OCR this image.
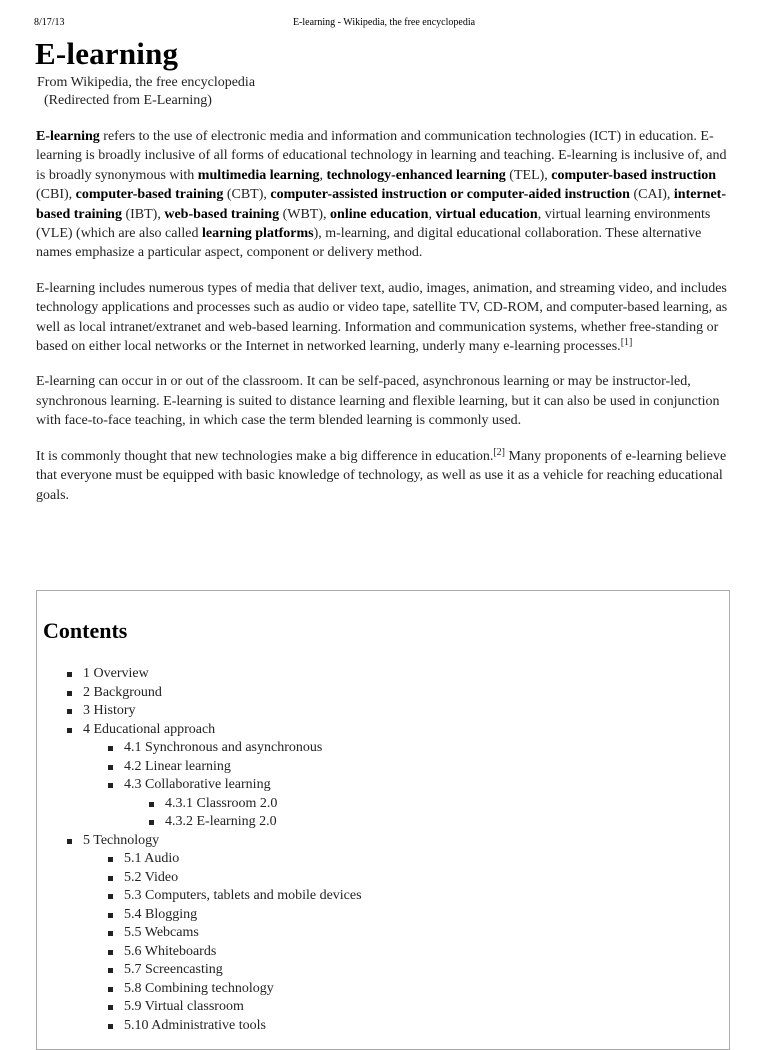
8/17/13	E-learning - Wikipedia, the free encyclopedia
E-learning
From Wikipedia, the free encyclopedia
(Redirected from E-Learning)

E-learning refers to the use of electronic media and information and communication technologies (ICT) in education. E-learning is broadly inclusive of all forms of educational technology in learning and teaching. E-learning is inclusive of, and is broadly synonymous with multimedia learning, technology-enhanced learning (TEL), computer-based instruction (CBI), computer-based training (CBT), computer-assisted instruction or computer-aided instruction (CAI), internet-based training (IBT), web-based training (WBT), online education, virtual education, virtual learning environments (VLE) (which are also called learning platforms), m-learning, and digital educational collaboration. These alternative names emphasize a particular aspect, component or delivery method.

E-learning includes numerous types of media that deliver text, audio, images, animation, and streaming video, and includes technology applications and processes such as audio or video tape, satellite TV, CD-ROM, and computer-based learning, as well as local intranet/extranet and web-based learning. Information and communication systems, whether free-standing or based on either local networks or the Internet in networked learning, underly many e-learning processes.[1]

E-learning can occur in or out of the classroom. It can be self-paced, asynchronous learning or may be instructor-led, synchronous learning. E-learning is suited to distance learning and flexible learning, but it can also be used in conjunction with face-to-face teaching, in which case the term blended learning is commonly used.

It is commonly thought that new technologies make a big difference in education.[2] Many proponents of e-learning believe that everyone must be equipped with basic knowledge of technology, as well as use it as a vehicle for reaching educational goals.

Contents
1 Overview
2 Background
3 History
4 Educational approach
4.1 Synchronous and asynchronous
4.2 Linear learning
4.3 Collaborative learning
4.3.1 Classroom 2.0
4.3.2 E-learning 2.0
5 Technology
5.1 Audio
5.2 Video
5.3 Computers, tablets and mobile devices
5.4 Blogging
5.5 Webcams
5.6 Whiteboards
5.7 Screencasting
5.8 Combining technology
5.9 Virtual classroom
5.10 Administrative tools
